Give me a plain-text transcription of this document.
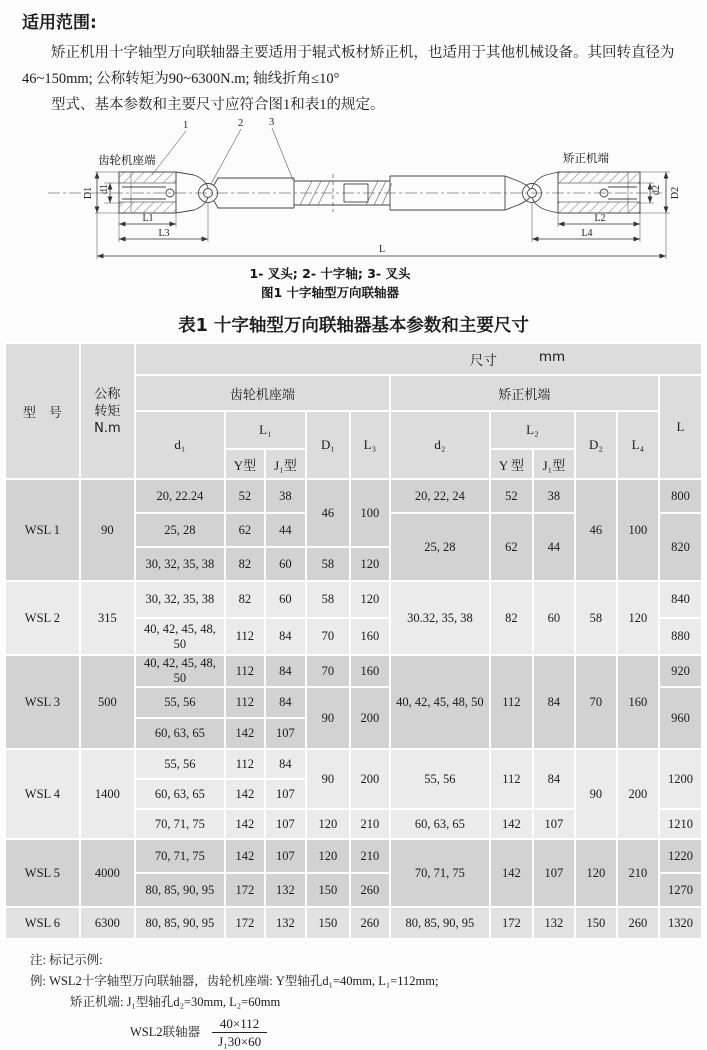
适用范围:

矫正机用十字轴型万向联轴器主要适用于辊式板材矫正机，也适用于其他机械设备。其回转直径为46~150mm; 公称转矩为90~6300N.m; 轴线折角≤10°

型式、基本参数和主要尺寸应符合图1和表1的规定。

1	2 3
齿轮机座端	矫正机端
D1 d1	d2 D2
L1
L3
L2
L4
L
1- 叉头; 2- 十字轴; 3- 叉头
图1 十字轴型万向联轴器
表1 十字轴型万向联轴器基本参数和主要尺寸
型　号	
公称
转矩
N.m

尺寸	mm

		齿轮机座端					矫正机端					L
		d₁	L₁		D₁	L₃	d₂	L₂		D₂	L₄	
			Y型	J₁型				Y 型	J₁型			
WSL 1	90	20, 22.24	52	38	46	100	20, 22, 24	52	38	46	100	800
		25, 28	62	44			25, 28	62	44			820
		30, 32, 35, 38	82	60	58	120						
WSL 2	315	30, 32, 35, 38	82	60	58	120	30.32, 35, 38	82	60	58	120	840
		40, 42, 45, 48, 50	112	84	70	160						880
WSL 3	500	40, 42, 45, 48, 50	112	84	70	160	40, 42, 45, 48, 50	112	84	70	160	920
		55, 56	112	84	90	200						960
		60, 63, 65	142	107								
WSL 4	1400	55, 56	112	84	90	200	55, 56	112	84	90	200	1200
		60, 63, 65	142	107								
		70, 71, 75	142	107	120	210	60, 63, 65	142	107			1210
WSL 5	4000	70, 71, 75	142	107	120	210	70, 71, 75	142	107	120	210	1220
		80, 85, 90, 95	172	132	150	260						1270
WSL 6	6300	80, 85, 90, 95	172	132	150	260	80, 85, 90, 95	172	132	150	260	1320
注: 标记示例:
例: WSL2十字轴型万向联轴器，齿轮机座端: Y型轴孔d₁=40mm, L₁=112mm;
矫正机端: J₁型轴孔d₂=30mm, L₂=60mm
WSL2联轴器 $\frac{40\times 112}{\text{J₁30×60}}$
